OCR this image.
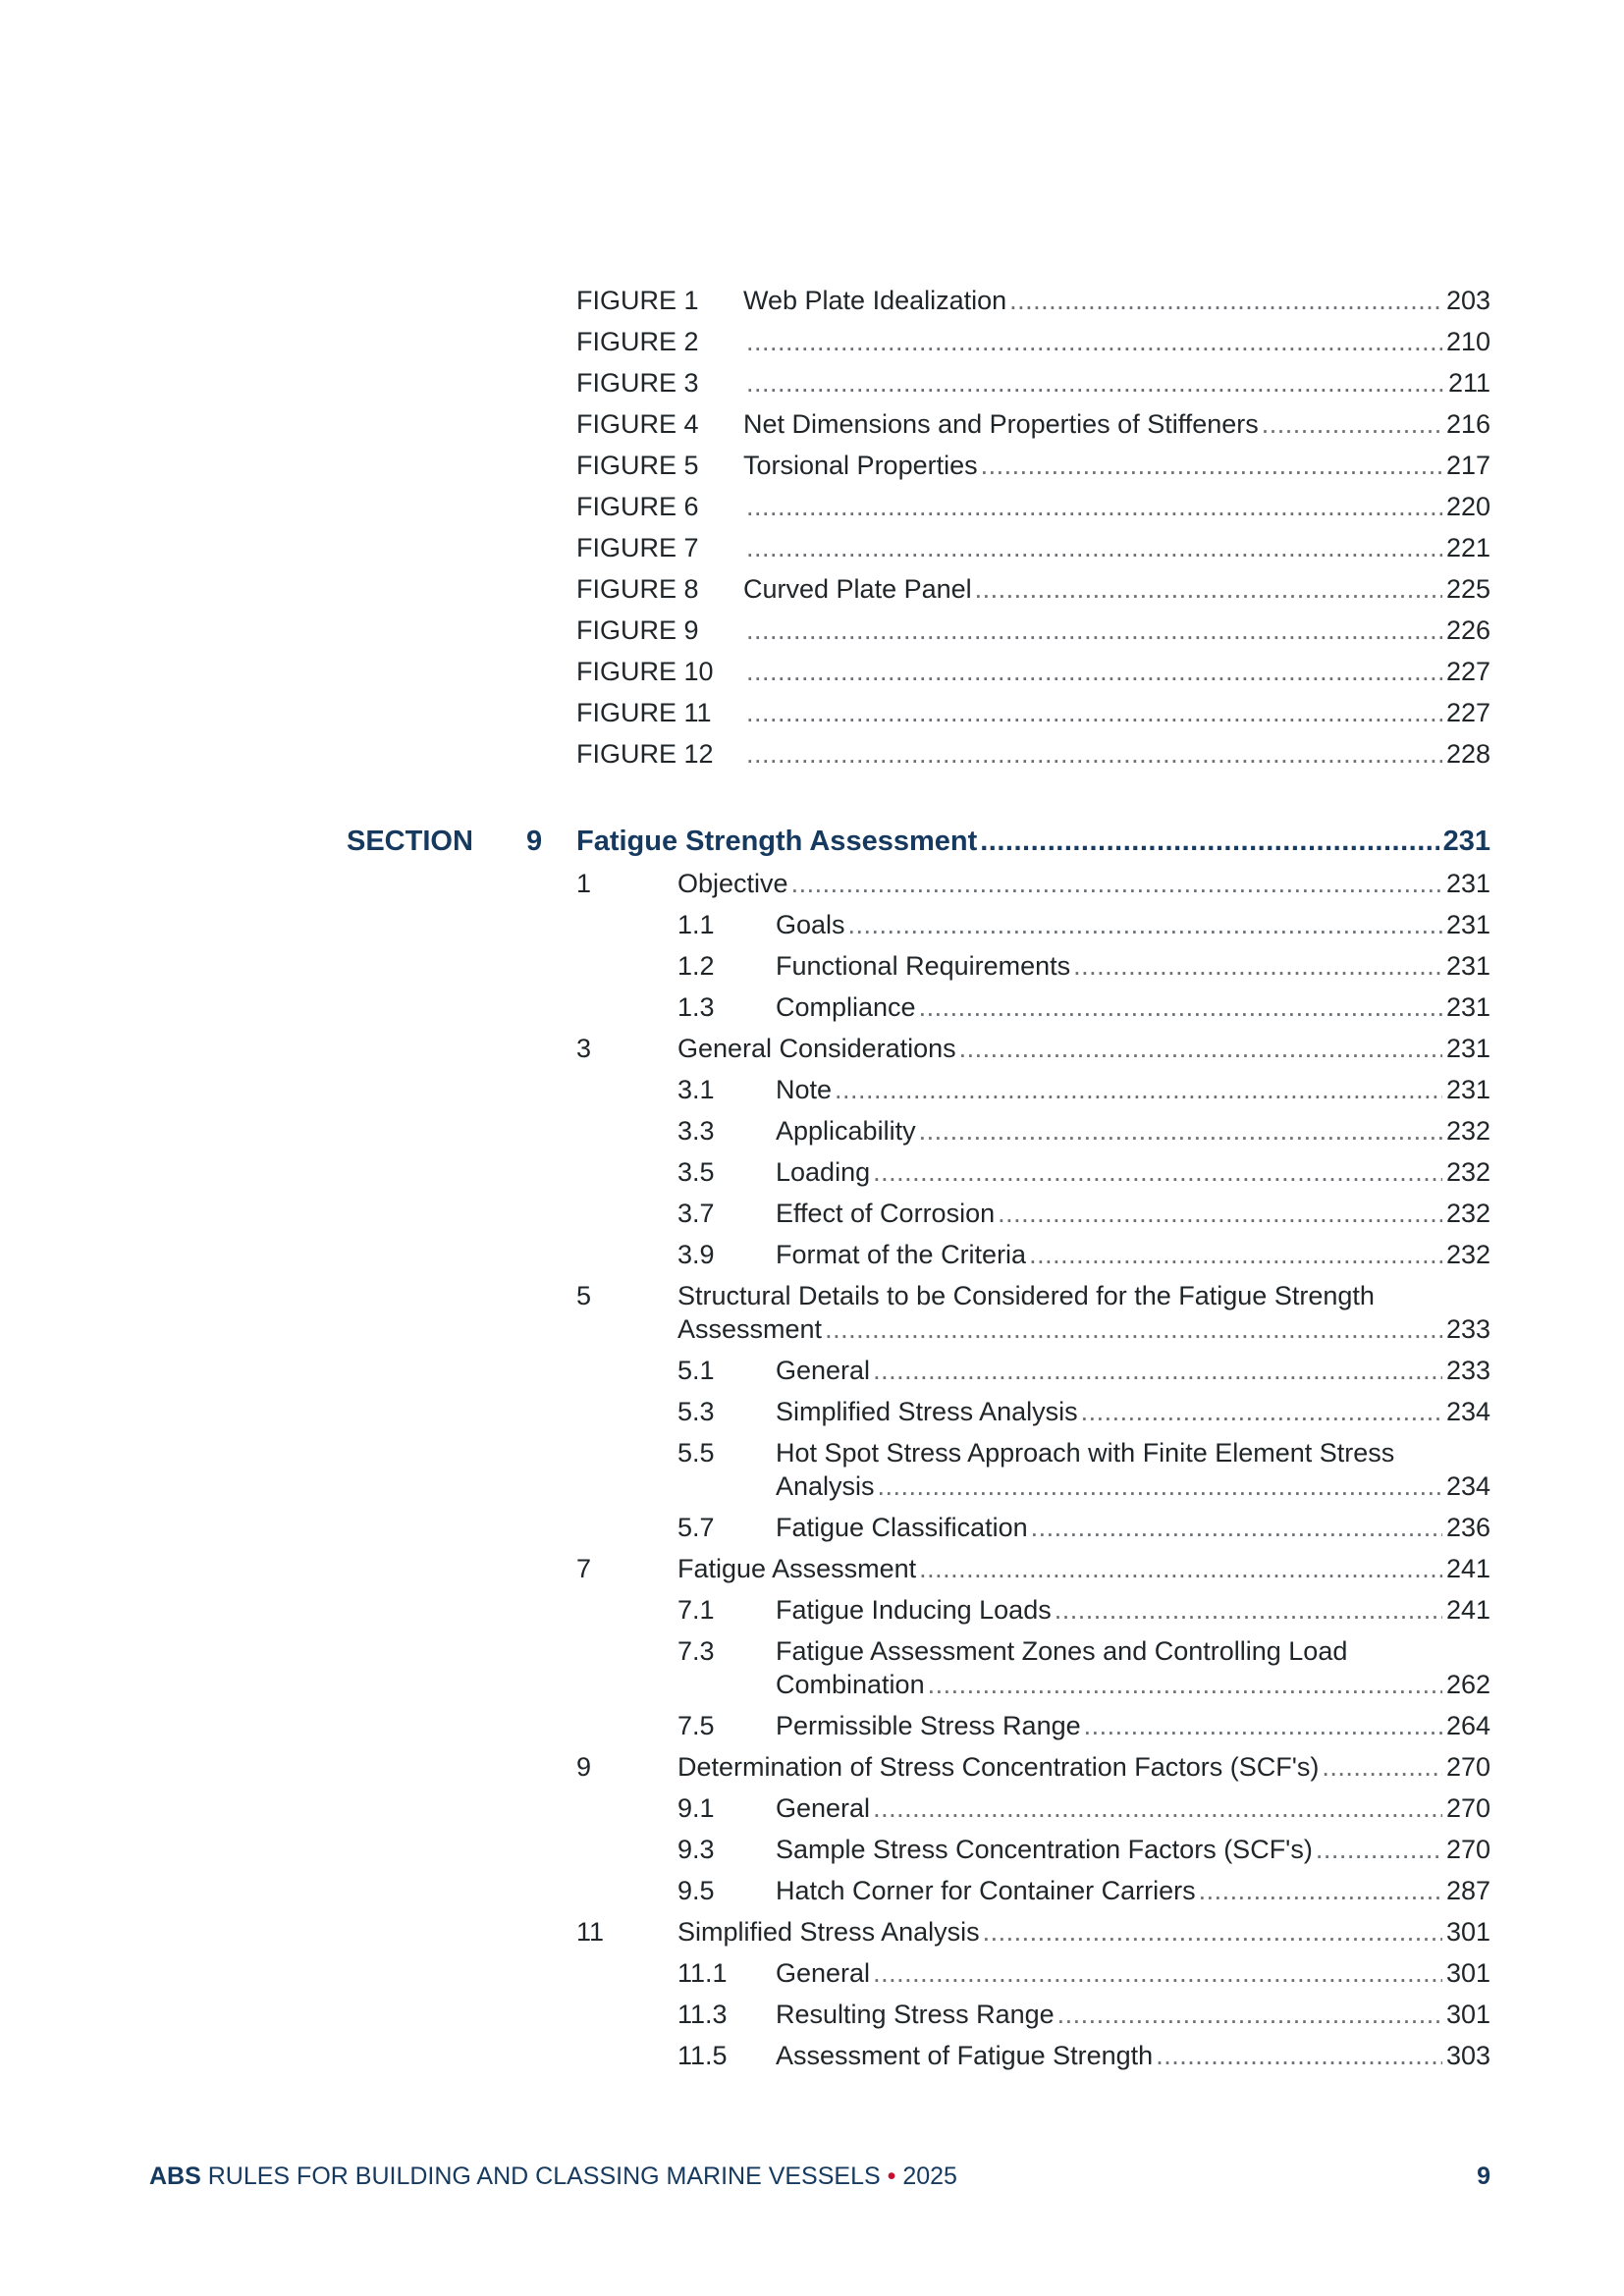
FIGURE 1	Web Plate Idealization .....	203
FIGURE 2 .....	210
FIGURE 3 .....	211
FIGURE 4	Net Dimensions and Properties of Stiffeners .....	216
FIGURE 5	Torsional Properties .....	217
FIGURE 6 .....	220
FIGURE 7 .....	221
FIGURE 8	Curved Plate Panel .....	225
FIGURE 9 .....	226
FIGURE 10 .....	227
FIGURE 11 .....	227
FIGURE 12 .....	228
SECTION 9 Fatigue Strength Assessment .....	231
1	Objective .....	231
1.1 Goals .....	231
1.2 Functional Requirements .....	231
1.3 Compliance .....	231
3	General Considerations .....	231
3.1 Note .....	231
3.3 Applicability .....	232
3.5 Loading .....	232
3.7 Effect of Corrosion .....	232
3.9 Format of the Criteria .....	232
5	Structural Details to be Considered for the Fatigue Strength
Assessment .....	233
5.1 General .....	233
5.3 Simplified Stress Analysis .....	234
5.5 Hot Spot Stress Approach with Finite Element Stress
Analysis .....	234
5.7 Fatigue Classification .....	236
7	Fatigue Assessment .....	241
7.1 Fatigue Inducing Loads .....	241
7.3 Fatigue Assessment Zones and Controlling Load
Combination .....	262
7.5 Permissible Stress Range .....	264
9	Determination of Stress Concentration Factors (SCF's) .....	270
9.1 General .....	270
9.3 Sample Stress Concentration Factors (SCF's) .....	270
9.5 Hatch Corner for Container Carriers .....	287
11	Simplified Stress Analysis .....	301
11.1 General .....	301
11.3 Resulting Stress Range .....	301
11.5 Assessment of Fatigue Strength .....	303
ABS RULES FOR BUILDING AND CLASSING MARINE VESSELS • 2025	9
